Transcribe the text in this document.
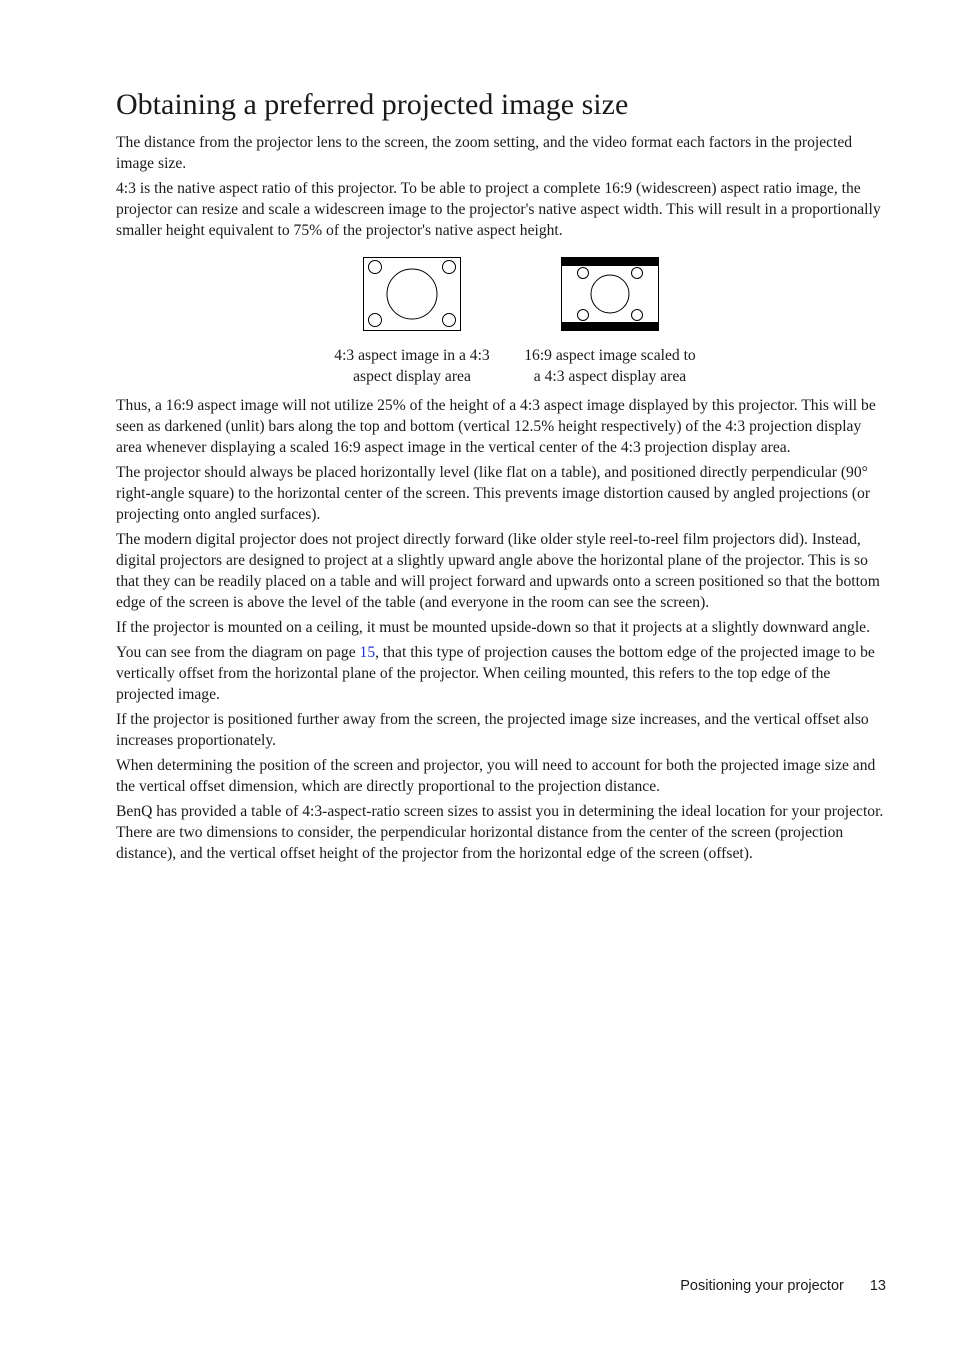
Obtaining a preferred projected image size

The distance from the projector lens to the screen, the zoom setting, and the video format each factors in the projected image size.

4:3 is the native aspect ratio of this projector. To be able to project a complete 16:9 (widescreen) aspect ratio image, the projector can resize and scale a widescreen image to the projector's native aspect width. This will result in a proportionally smaller height equivalent to 75% of the projector's native aspect height.

4:3 aspect image in a 4:3 aspect display area
16:9 aspect image scaled to a 4:3 aspect display area

Thus, a 16:9 aspect image will not utilize 25% of the height of a 4:3 aspect image displayed by this projector. This will be seen as darkened (unlit) bars along the top and bottom (vertical 12.5% height respectively) of the 4:3 projection display area whenever displaying a scaled 16:9 aspect image in the vertical center of the 4:3 projection display area.

The projector should always be placed horizontally level (like flat on a table), and positioned directly perpendicular (90° right-angle square) to the horizontal center of the screen. This prevents image distortion caused by angled projections (or projecting onto angled surfaces).

The modern digital projector does not project directly forward (like older style reel-to-reel film projectors did). Instead, digital projectors are designed to project at a slightly upward angle above the horizontal plane of the projector. This is so that they can be readily placed on a table and will project forward and upwards onto a screen positioned so that the bottom edge of the screen is above the level of the table (and everyone in the room can see the screen).

If the projector is mounted on a ceiling, it must be mounted upside-down so that it projects at a slightly downward angle.

You can see from the diagram on page 15, that this type of projection causes the bottom edge of the projected image to be vertically offset from the horizontal plane of the projector. When ceiling mounted, this refers to the top edge of the projected image.

If the projector is positioned further away from the screen, the projected image size increases, and the vertical offset also increases proportionately.

When determining the position of the screen and projector, you will need to account for both the projected image size and the vertical offset dimension, which are directly proportional to the projection distance.

BenQ has provided a table of 4:3-aspect-ratio screen sizes to assist you in determining the ideal location for your projector. There are two dimensions to consider, the perpendicular horizontal distance from the center of the screen (projection distance), and the vertical offset height of the projector from the horizontal edge of the screen (offset).

Positioning your projector 13
